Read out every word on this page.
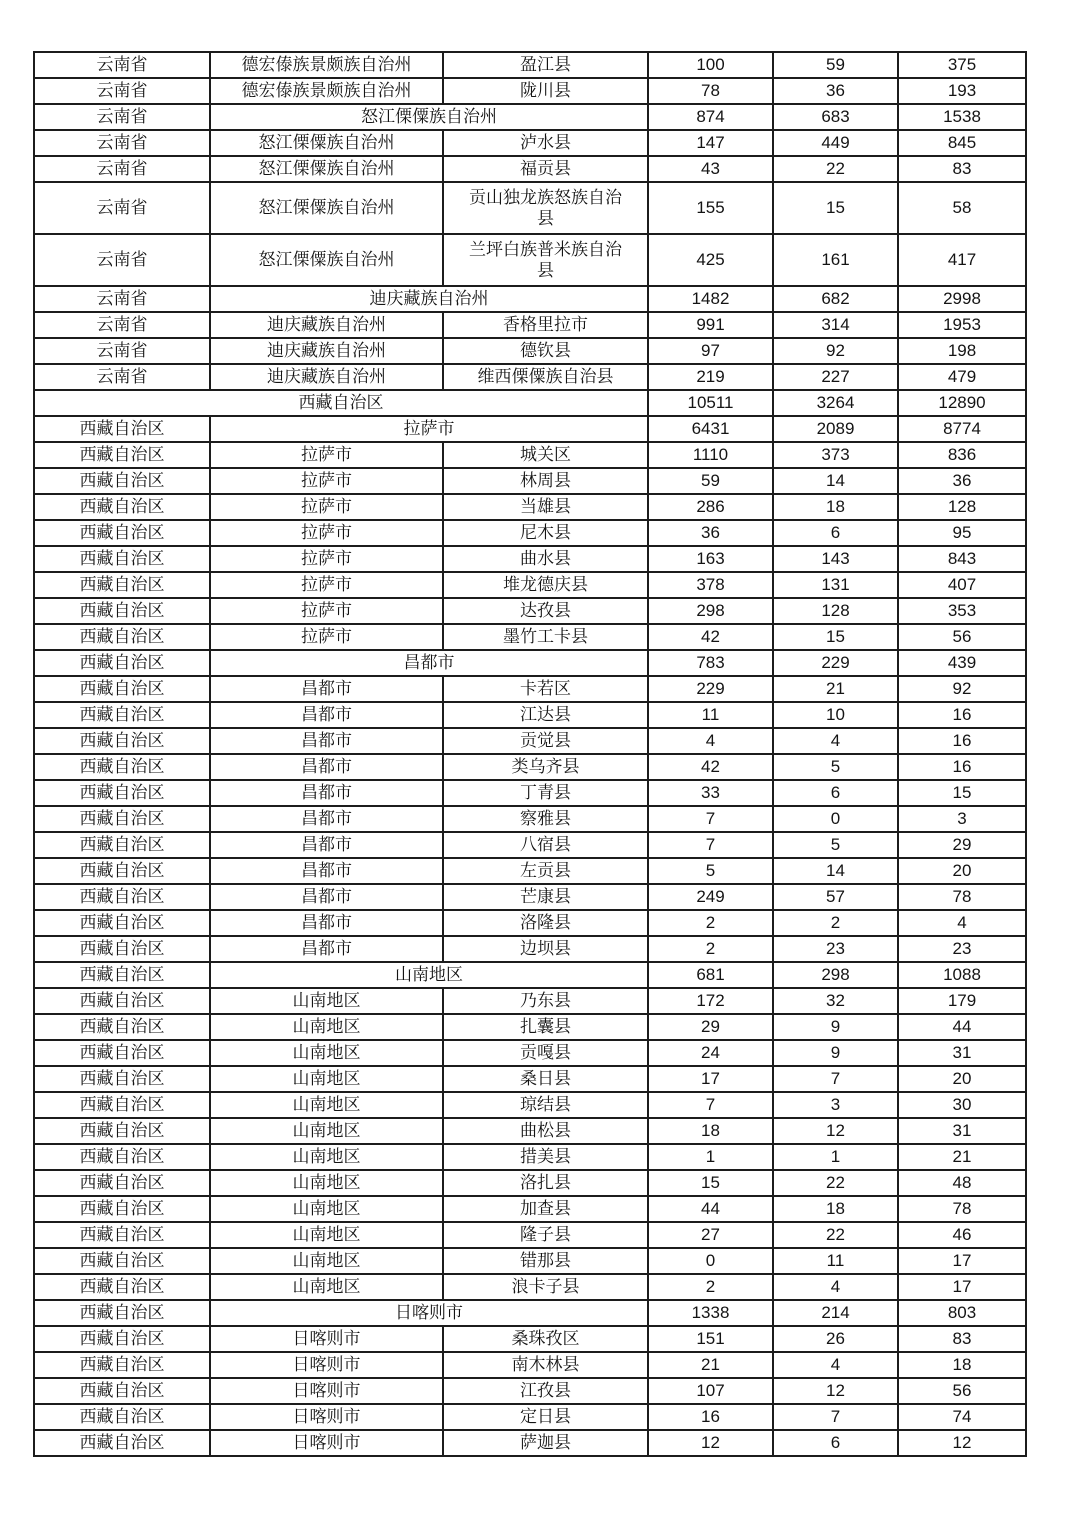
云南省	德宏傣族景颇族自治州	盈江县	100	59	375
云南省	德宏傣族景颇族自治州	陇川县	78	36	193
云南省	怒江傈僳族自治州		874	683	1538
云南省	怒江傈僳族自治州	泸水县	147	449	845
云南省	怒江傈僳族自治州	福贡县	43	22	83
云南省	怒江傈僳族自治州	贡山独龙族怒族自治县	155	15	58
云南省	怒江傈僳族自治州	兰坪白族普米族自治县	425	161	417
云南省	迪庆藏族自治州		1482	682	2998
云南省	迪庆藏族自治州	香格里拉市	991	314	1953
云南省	迪庆藏族自治州	德钦县	97	92	198
云南省	迪庆藏族自治州	维西傈僳族自治县	219	227	479
西藏自治区			10511	3264	12890
西藏自治区	拉萨市		6431	2089	8774
西藏自治区	拉萨市	城关区	1110	373	836
西藏自治区	拉萨市	林周县	59	14	36
西藏自治区	拉萨市	当雄县	286	18	128
西藏自治区	拉萨市	尼木县	36	6	95
西藏自治区	拉萨市	曲水县	163	143	843
西藏自治区	拉萨市	堆龙德庆县	378	131	407
西藏自治区	拉萨市	达孜县	298	128	353
西藏自治区	拉萨市	墨竹工卡县	42	15	56
西藏自治区	昌都市		783	229	439
西藏自治区	昌都市	卡若区	229	21	92
西藏自治区	昌都市	江达县	11	10	16
西藏自治区	昌都市	贡觉县	4	4	16
西藏自治区	昌都市	类乌齐县	42	5	16
西藏自治区	昌都市	丁青县	33	6	15
西藏自治区	昌都市	察雅县	7	0	3
西藏自治区	昌都市	八宿县	7	5	29
西藏自治区	昌都市	左贡县	5	14	20
西藏自治区	昌都市	芒康县	249	57	78
西藏自治区	昌都市	洛隆县	2	2	4
西藏自治区	昌都市	边坝县	2	23	23
西藏自治区	山南地区		681	298	1088
西藏自治区	山南地区	乃东县	172	32	179
西藏自治区	山南地区	扎囊县	29	9	44
西藏自治区	山南地区	贡嘎县	24	9	31
西藏自治区	山南地区	桑日县	17	7	20
西藏自治区	山南地区	琼结县	7	3	30
西藏自治区	山南地区	曲松县	18	12	31
西藏自治区	山南地区	措美县	1	1	21
西藏自治区	山南地区	洛扎县	15	22	48
西藏自治区	山南地区	加查县	44	18	78
西藏自治区	山南地区	隆子县	27	22	46
西藏自治区	山南地区	错那县	0	11	17
西藏自治区	山南地区	浪卡子县	2	4	17
西藏自治区	日喀则市		1338	214	803
西藏自治区	日喀则市	桑珠孜区	151	26	83
西藏自治区	日喀则市	南木林县	21	4	18
西藏自治区	日喀则市	江孜县	107	12	56
西藏自治区	日喀则市	定日县	16	7	74
西藏自治区	日喀则市	萨迦县	12	6	12
